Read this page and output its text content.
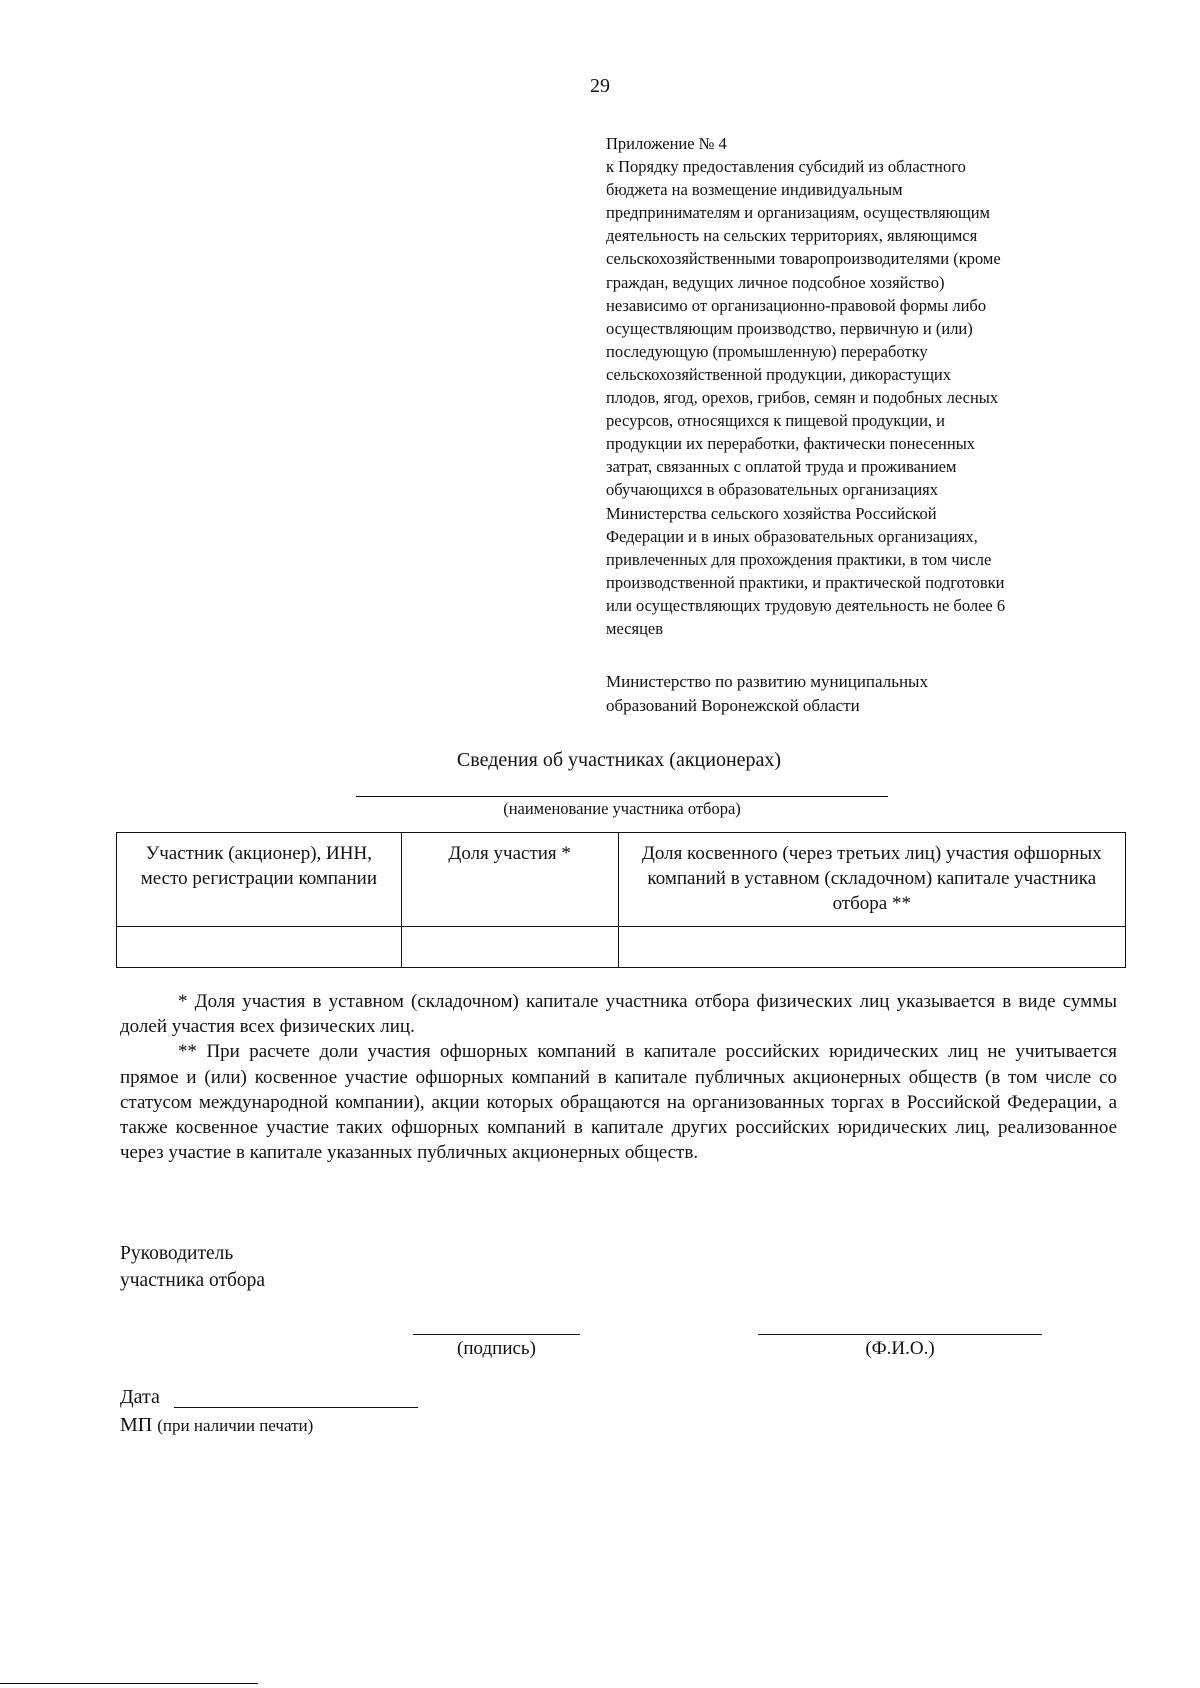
29
Приложение № 4
к Порядку предоставления субсидий из областного
бюджета на возмещение индивидуальным
предпринимателям и организациям, осуществляющим
деятельность на сельских территориях, являющимся
сельскохозяйственными товаропроизводителями (кроме
граждан, ведущих личное подсобное хозяйство)
независимо от организационно-правовой формы либо
осуществляющим производство, первичную и (или)
последующую (промышленную) переработку
сельскохозяйственной продукции, дикорастущих
плодов, ягод, орехов, грибов, семян и подобных лесных
ресурсов, относящихся к пищевой продукции, и
продукции их переработки, фактически понесенных
затрат, связанных с оплатой труда и проживанием
обучающихся в образовательных организациях
Министерства сельского хозяйства Российской
Федерации и в иных образовательных организациях,
привлеченных для прохождения практики, в том числе
производственной практики, и практической подготовки
или осуществляющих трудовую деятельность не более 6
месяцев
Министерство по развитию муниципальных
образований Воронежской области
Сведения об участниках (акционерах)
(наименование участника отбора)
Участник (акционер), ИНН, место регистрации компании	Доля участия *	Доля косвенного (через третьих лиц) участия офшорных компаний в уставном (складочном) капитале участника отбора **

* Доля участия в уставном (складочном) капитале участника отбора физических лиц указывается в виде суммы долей участия всех физических лиц.

** При расчете доли участия офшорных компаний в капитале российских юридических лиц не учитывается прямое и (или) косвенное участие офшорных компаний в капитале публичных акционерных обществ (в том числе со статусом международной компании), акции которых обращаются на организованных торгах в Российской Федерации, а также косвенное участие таких офшорных компаний в капитале других российских юридических лиц, реализованное через участие в капитале указанных публичных акционерных обществ.

Руководитель
участника отбора
(подпись)	(Ф.И.О.)
Дата
МП (при наличии печати)
